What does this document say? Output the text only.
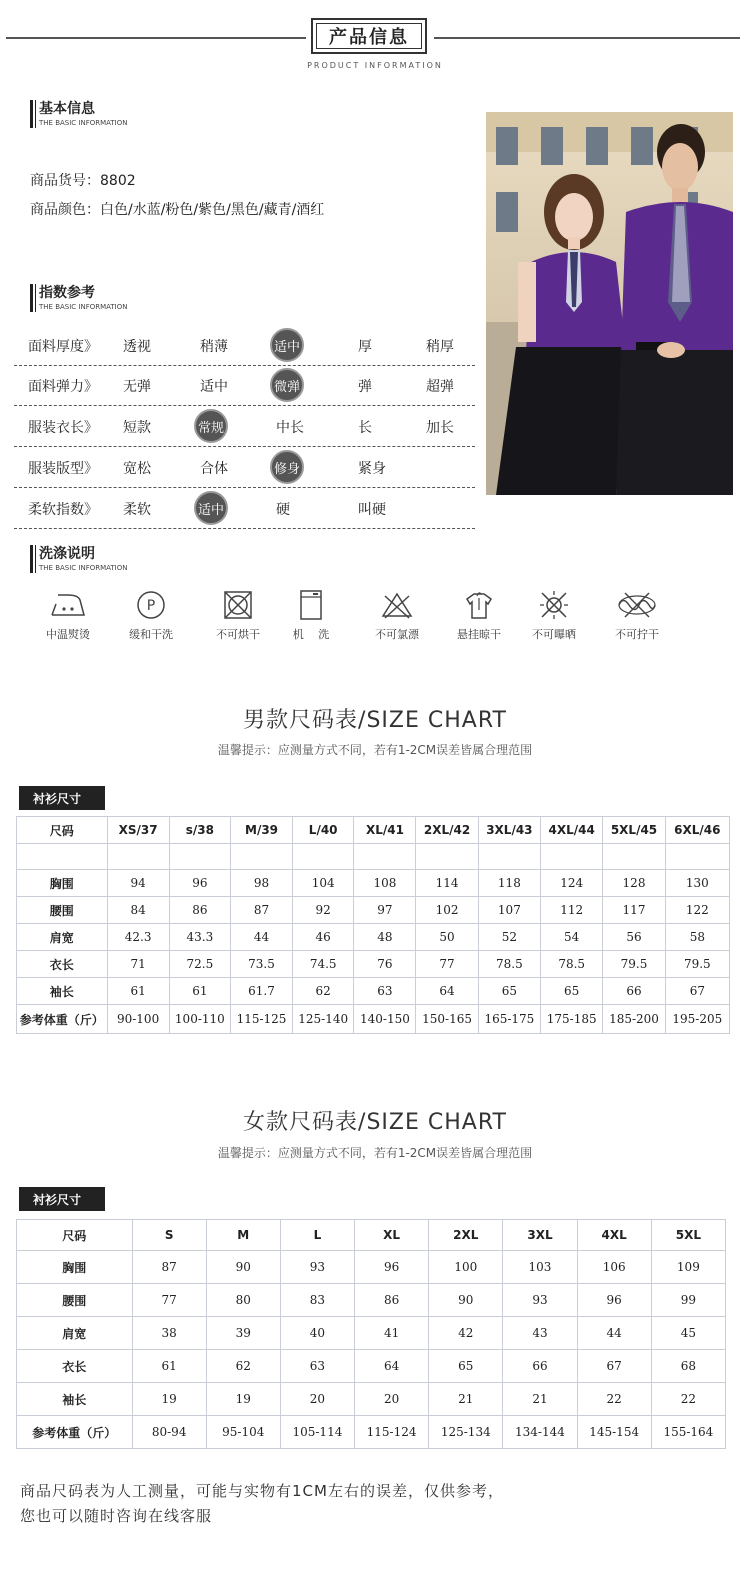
产品信息
PRODUCT INFORMATION
基本信息
THE BASIC INFORMATION
商品货号：8802
商品颜色：白色/水蓝/粉色/紫色/黑色/藏青/酒红
指数参考
THE BASIC INFORMATION
面料厚度》 透视	稍薄	适中	厚	稍厚
面料弹力》 无弹	适中	微弹	弹	超弹
服装衣长》 短款	常规	中长	长	加长
服装版型》 宽松	合体	修身	紧身
柔软指数》 柔软	适中	硬	叫硬
洗涤说明
THE BASIC INFORMATION
中温熨烫
P
缓和干洗	不可烘干	机　 洗	不可氯漂	悬挂晾干	不可曝晒	不可拧干
男款尺码表/SIZE CHART
温馨提示：应测量方式不同，若有1-2CM误差皆属合理范围
衬衫尺寸
尺码	XS/37	s/38	M/39	L/40	XL/41	2XL/42	3XL/43	4XL/44	5XL/45	6XL/46

胸围	94	96	98	104	108	114	118	124	128	130
腰围	84	86	87	92	97	102	107	112	117	122
肩宽	42.3	43.3	44	46	48	50	52	54	56	58
衣长	71	72.5	73.5	74.5	76	77	78.5	78.5	79.5	79.5
袖长	61	61	61.7	62	63	64	65	65	66	67
参考体重（斤）	90-100	100-110	115-125	125-140	140-150	150-165	165-175	175-185	185-200	195-205
女款尺码表/SIZE CHART
温馨提示：应测量方式不同，若有1-2CM误差皆属合理范围
衬衫尺寸
尺码	S	M	L	XL	2XL	3XL	4XL	5XL
胸围	87	90	93	96	100	103	106	109
腰围	77	80	83	86	90	93	96	99
肩宽	38	39	40	41	42	43	44	45
衣长	61	62	63	64	65	66	67	68
袖长	19	19	20	20	21	21	22	22
参考体重（斤）	80-94	95-104	105-114	115-124	125-134	134-144	145-154	155-164
商品尺码表为人工测量，可能与实物有1CM左右的误差，仅供参考，
您也可以随时咨询在线客服
